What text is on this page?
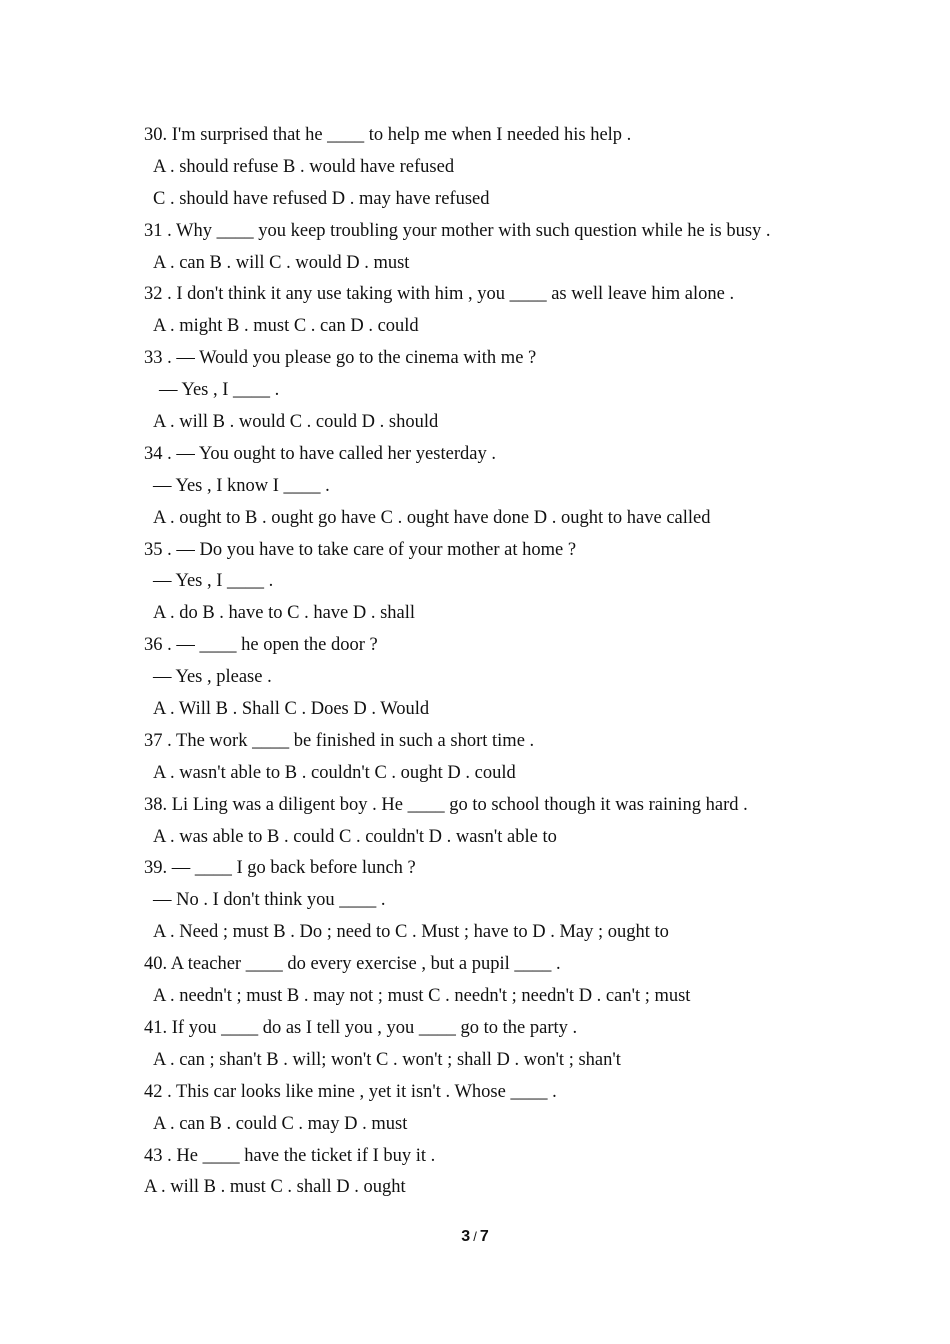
30. I'm surprised that he ____ to help me when I needed his help .
A . should refuse B . would have refused
C . should have refused D . may have refused
31 . Why ____ you keep troubling your mother with such question while he is busy .
A . can B . will C . would D . must
32 . I don't think it any use taking with him , you ____ as well leave him alone .
A . might B . must C . can D . could
33 . — Would you please go to the cinema with me ?
— Yes , I ____ .
A . will B . would C . could D . should
34 . — You ought to have called her yesterday .
— Yes , I know I ____ .
A . ought to B . ought go have C . ought have done D . ought to have called
35 . — Do you have to take care of your mother at home ?
— Yes , I ____ .
A . do B . have to C . have D . shall
36 . — ____ he open the door ?
— Yes , please .
A . Will B . Shall C . Does D . Would
37 . The work ____ be finished in such a short time .
A . wasn't able to B . couldn't C . ought D . could
38. Li Ling was a diligent boy . He ____ go to school though it was raining hard .
A . was able to B . could C . couldn't D . wasn't able to
39. — ____ I go back before lunch ?
— No . I don't think you ____ .
A . Need ; must B . Do ; need to C . Must ; have to D . May ; ought to
40. A teacher ____ do every exercise , but a pupil ____ .
A . needn't ; must B . may not ; must C . needn't ; needn't D . can't ; must
41. If you ____ do as I tell you , you ____ go to the party .
A . can ; shan't B . will; won't C . won't ; shall D . won't ; shan't
42 . This car looks like mine , yet it isn't . Whose ____ .
A . can B . could C . may D . must
43 . He ____ have the ticket if I buy it .
A . will B . must C . shall D . ought
3 / 7
